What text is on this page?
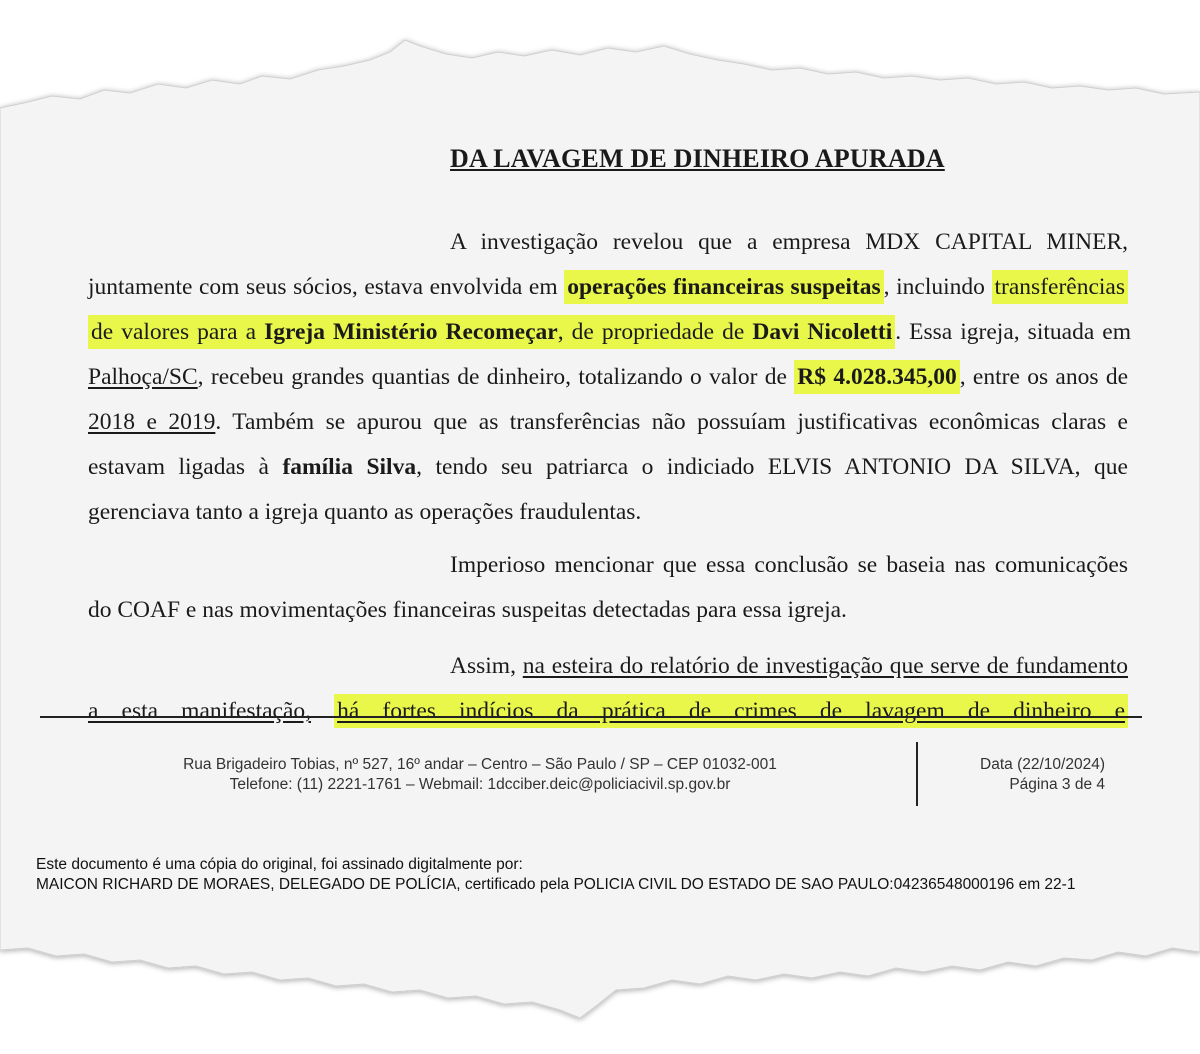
DA LAVAGEM DE DINHEIRO APURADA

A investigação revelou que a empresa MDX CAPITAL MINER, juntamente com seus sócios, estava envolvida em operações financeiras suspeitas , incluindo transferências de valores para a Igreja Ministério Recomeçar, de propriedade de Davi Nicoletti . Essa igreja, situada em Palhoça/SC, recebeu grandes quantias de dinheiro, totalizando o valor de R$ 4.028.345,00 , entre os anos de 2018 e 2019. Também se apurou que as transferências não possuíam justificativas econômicas claras e estavam ligadas à família Silva, tendo seu patriarca o indiciado ELVIS ANTONIO DA SILVA, que gerenciava tanto a igreja quanto as operações fraudulentas.

Imperioso mencionar que essa conclusão se baseia nas comunicações do COAF e nas movimentações financeiras suspeitas detectadas para essa igreja.

Assim, na esteira do relatório de investigação que serve de fundamento a esta manifestação, há fortes indícios da prática de crimes de lavagem de dinheiro e

Rua Brigadeiro Tobias, nº 527, 16º andar – Centro – São Paulo / SP – CEP 01032-001
Telefone: (11) 2221-1761 – Webmail: 1dcciber.deic@policiacivil.sp.gov.br
Data (22/10/2024)
Página 3 de 4
Este documento é uma cópia do original, foi assinado digitalmente por:
MAICON RICHARD DE MORAES, DELEGADO DE POLÍCIA, certificado pela POLICIA CIVIL DO ESTADO DE SAO PAULO:04236548000196 em 22-1
